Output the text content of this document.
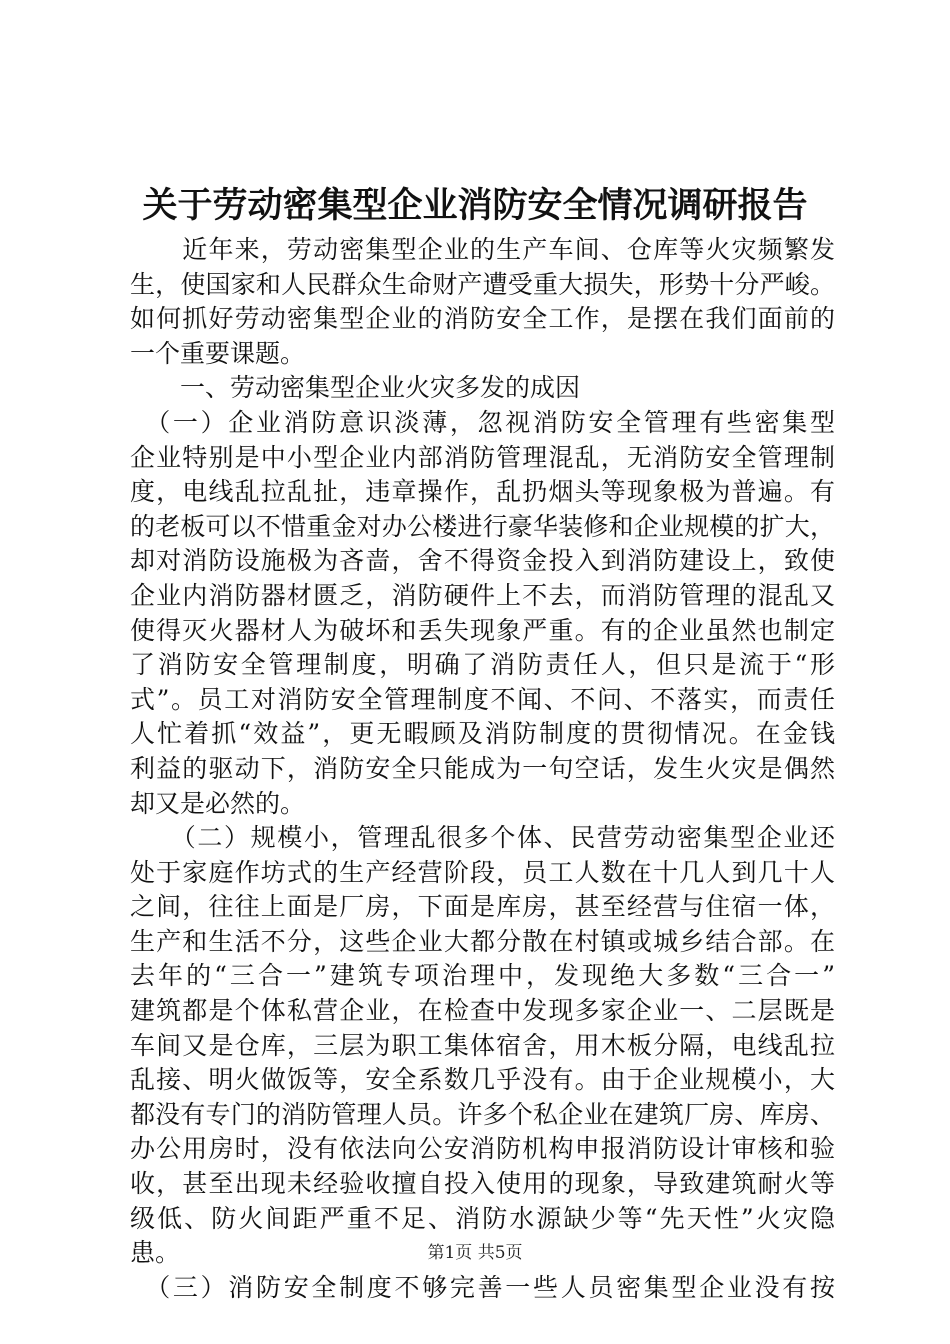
关于劳动密集型企业消防安全情况调研报告
　　近年来，劳动密集型企业的生产车间、仓库等火灾频繁发
生，使国家和人民群众生命财产遭受重大损失，形势十分严峻。
如何抓好劳动密集型企业的消防安全工作，是摆在我们面前的
一个重要课题。
　　一、劳动密集型企业火灾多发的成因
　（一）企业消防意识淡薄，忽视消防安全管理有些密集型
企业特别是中小型企业内部消防管理混乱，无消防安全管理制
度，电线乱拉乱扯，违章操作，乱扔烟头等现象极为普遍。有
的老板可以不惜重金对办公楼进行豪华装修和企业规模的扩大，
却对消防设施极为吝啬，舍不得资金投入到消防建设上，致使
企业内消防器材匮乏，消防硬件上不去，而消防管理的混乱又
使得灭火器材人为破坏和丢失现象严重。有的企业虽然也制定
了消防安全管理制度，明确了消防责任人，但只是流于“形
式”。员工对消防安全管理制度不闻、不问、不落实，而责任
人忙着抓“效益”，更无暇顾及消防制度的贯彻情况。在金钱
利益的驱动下，消防安全只能成为一句空话，发生火灾是偶然
却又是必然的。
　　（二）规模小，管理乱很多个体、民营劳动密集型企业还
处于家庭作坊式的生产经营阶段，员工人数在十几人到几十人
之间，往往上面是厂房，下面是库房，甚至经营与住宿一体，
生产和生活不分，这些企业大都分散在村镇或城乡结合部。在
去年的“三合一”建筑专项治理中，发现绝大多数“三合一”
建筑都是个体私营企业，在检查中发现多家企业一、二层既是
车间又是仓库，三层为职工集体宿舍，用木板分隔，电线乱拉
乱接、明火做饭等，安全系数几乎没有。由于企业规模小，大
都没有专门的消防管理人员。许多个私企业在建筑厂房、库房、
办公用房时，没有依法向公安消防机构申报消防设计审核和验
收，甚至出现未经验收擅自投入使用的现象，导致建筑耐火等
级低、防火间距严重不足、消防水源缺少等“先天性”火灾隐
患。
　（三）消防安全制度不够完善一些人员密集型企业没有按
第1页 共5页
